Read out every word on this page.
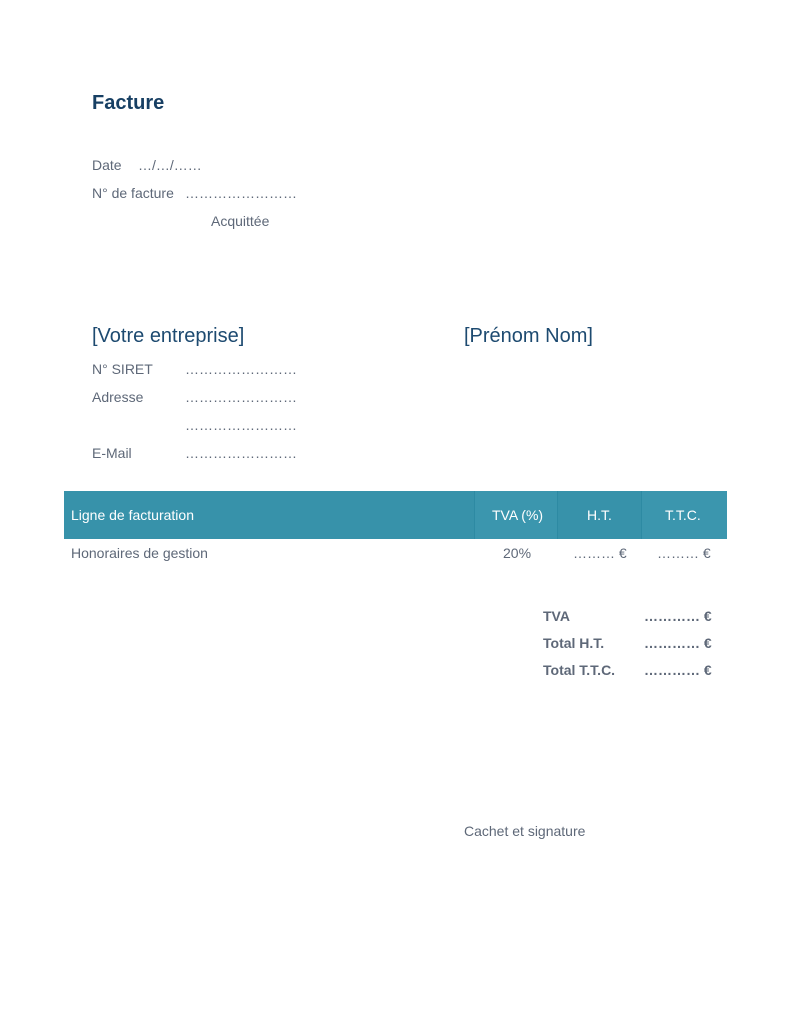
Facture
Date …/…/……
N° de facture ……………………
Acquittée
[Votre entreprise]	[Prénom Nom]
N° SIRET ……………………
Adresse	……………………
……………………
E-Mail	……………………
Ligne de facturation	TVA (%)	H.T.	T.T.C.
Honoraires de gestion	20%	……… € ……… €
TVA	………… €
Total H.T.	………… €
Total T.T.C. ………… €
Cachet et signature
